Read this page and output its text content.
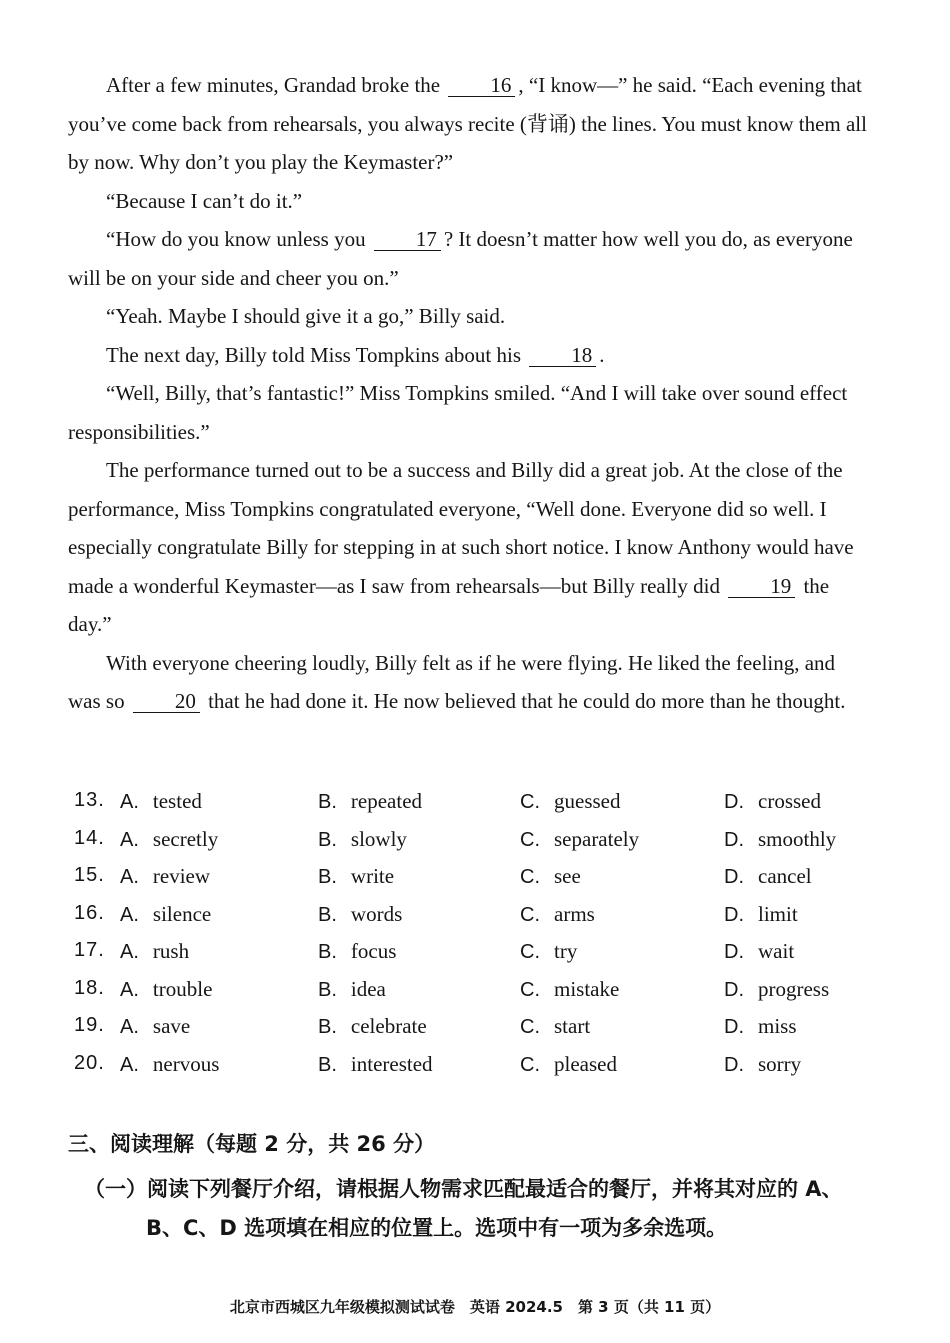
After a few minutes, Grandad broke the 16 , “I know—” he said. “Each evening that you’ve come back from rehearsals, you always recite (背诵) the lines. You must know them all by now. Why don’t you play the Keymaster?”

“Because I can’t do it.”

“How do you know unless you 17 ? It doesn’t matter how well you do, as everyone will be on your side and cheer you on.”

“Yeah. Maybe I should give it a go,” Billy said.

The next day, Billy told Miss Tompkins about his 18 .

“Well, Billy, that’s fantastic!” Miss Tompkins smiled. “And I will take over sound effect responsibilities.”

The performance turned out to be a success and Billy did a great job. At the close of the performance, Miss Tompkins congratulated everyone, “Well done. Everyone did so well. I especially congratulate Billy for stepping in at such short notice. I know Anthony would have made a wonderful Keymaster—as I saw from rehearsals—but Billy really did 19 the day.”

With everyone cheering loudly, Billy felt as if he were flying. He liked the feeling, and was so 20 that he had done it. He now believed that he could do more than he thought.

13. A. tested	B. repeated	C. guessed	D. crossed
14. A. secretly	B. slowly	C. separately	D. smoothly
15. A. review	B. write	C. see	D. cancel
16. A. silence	B. words	C. arms	D. limit
17. A. rush	B. focus	C. try	D. wait
18. A. trouble	B. idea	C. mistake	D. progress
19. A. save	B. celebrate	C. start	D. miss
20. A. nervous	B. interested	C. pleased	D. sorry

三、阅读理解（每题 2 分，共 26 分）

（一）阅读下列餐厅介绍，请根据人物需求匹配最适合的餐厅，并将其对应的 A、

B、C、D 选项填在相应的位置上。选项中有一项为多余选项。

北京市西城区九年级模拟测试试卷　英语 2024.5　第 3 页（共 11 页）
